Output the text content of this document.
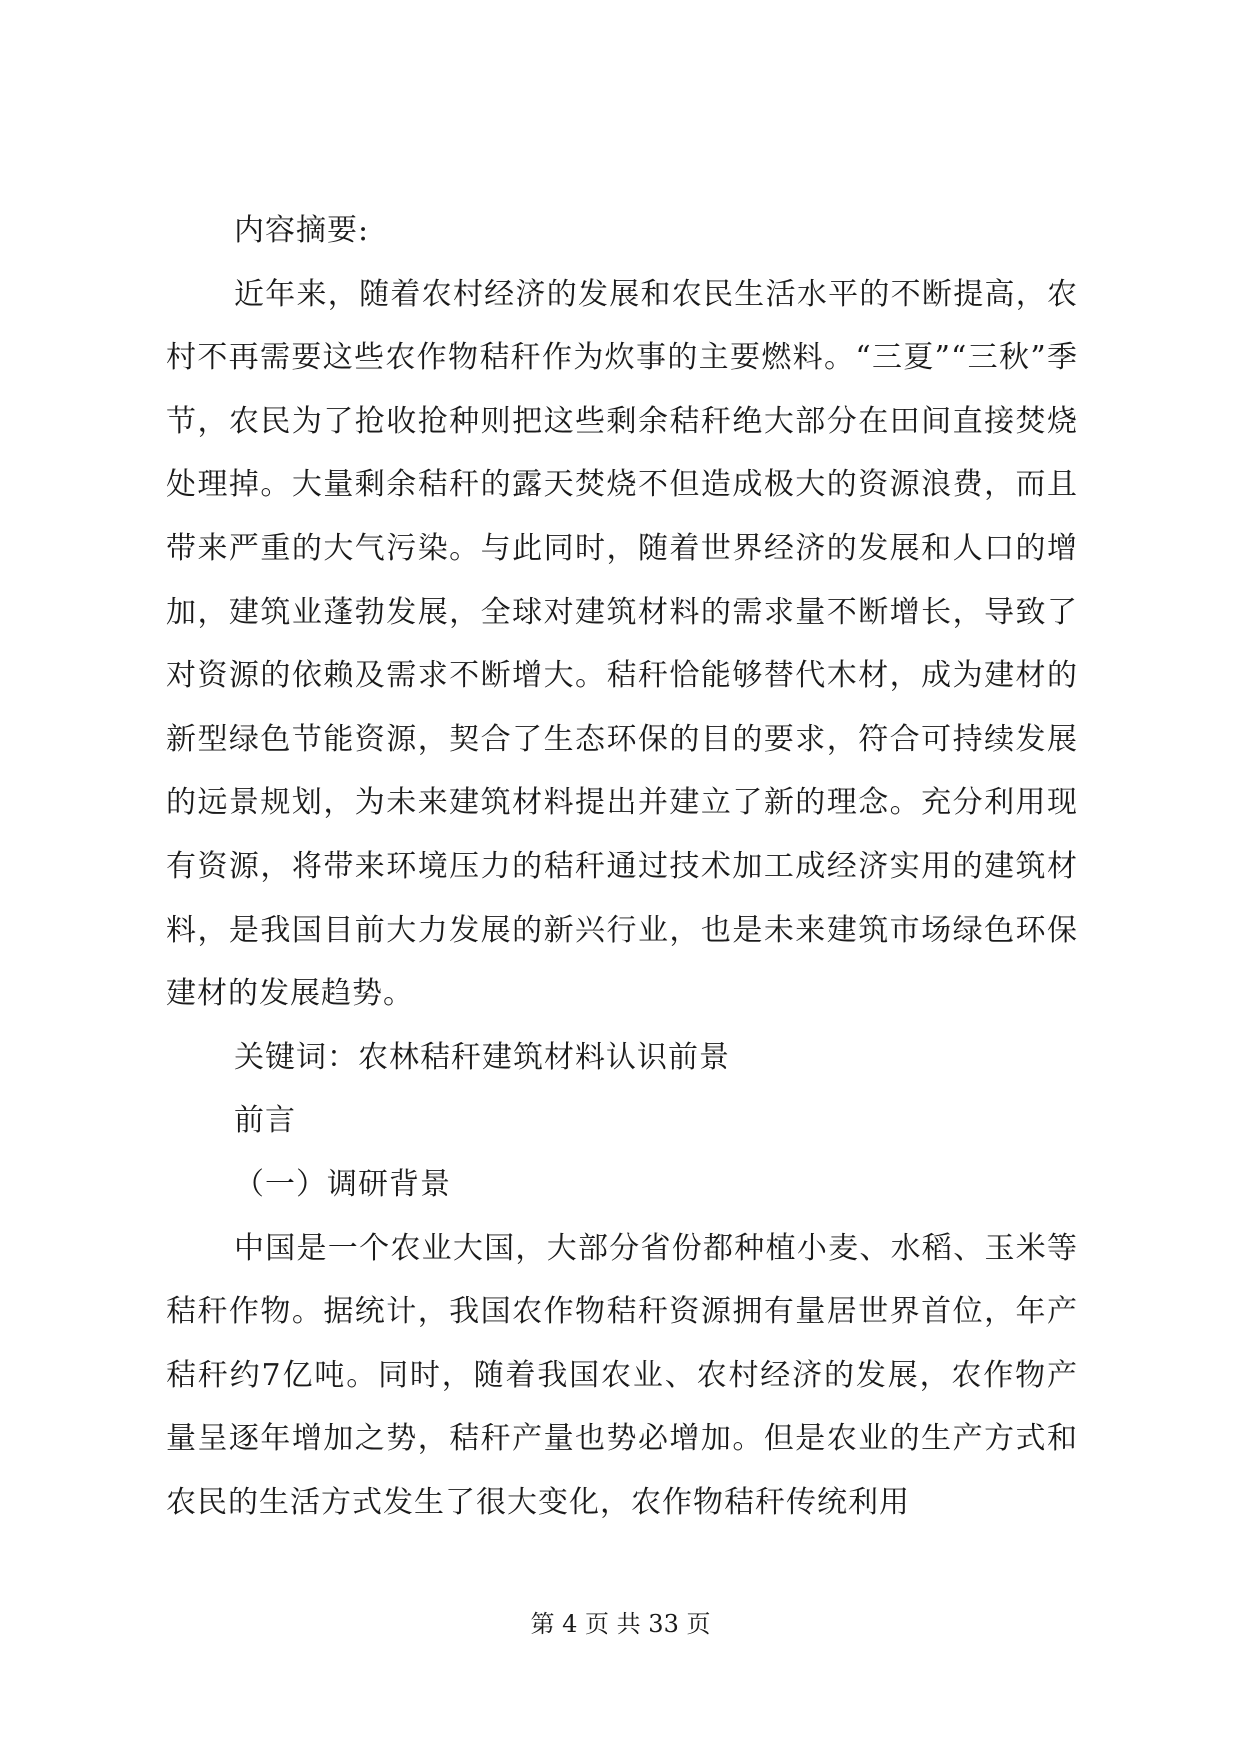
内容摘要:

近年来，随着农村经济的发展和农民生活水平的不断提高，农村不再需要这些农作物秸秆作为炊事的主要燃料。“三夏”“三秋”季节，农民为了抢收抢种则把这些剩余秸秆绝大部分在田间直接焚烧处理掉。大量剩余秸秆的露天焚烧不但造成极大的资源浪费，而且带来严重的大气污染。与此同时，随着世界经济的发展和人口的增加，建筑业蓬勃发展，全球对建筑材料的需求量不断增长，导致了对资源的依赖及需求不断增大。秸秆恰能够替代木材，成为建材的新型绿色节能资源，契合了生态环保的目的要求，符合可持续发展的远景规划，为未来建筑材料提出并建立了新的理念。充分利用现有资源，将带来环境压力的秸秆通过技术加工成经济实用的建筑材料，是我国目前大力发展的新兴行业，也是未来建筑市场绿色环保建材的发展趋势。

关键词：农林秸秆建筑材料认识前景

前言

（一）调研背景

中国是一个农业大国，大部分省份都种植小麦、水稻、玉米等秸秆作物。据统计，我国农作物秸秆资源拥有量居世界首位，年产秸秆约7亿吨。同时，随着我国农业、农村经济的发展，农作物产量呈逐年增加之势，秸秆产量也势必增加。但是农业的生产方式和农民的生活方式发生了很大变化，农作物秸秆传统利用

第 4 页 共 33 页
